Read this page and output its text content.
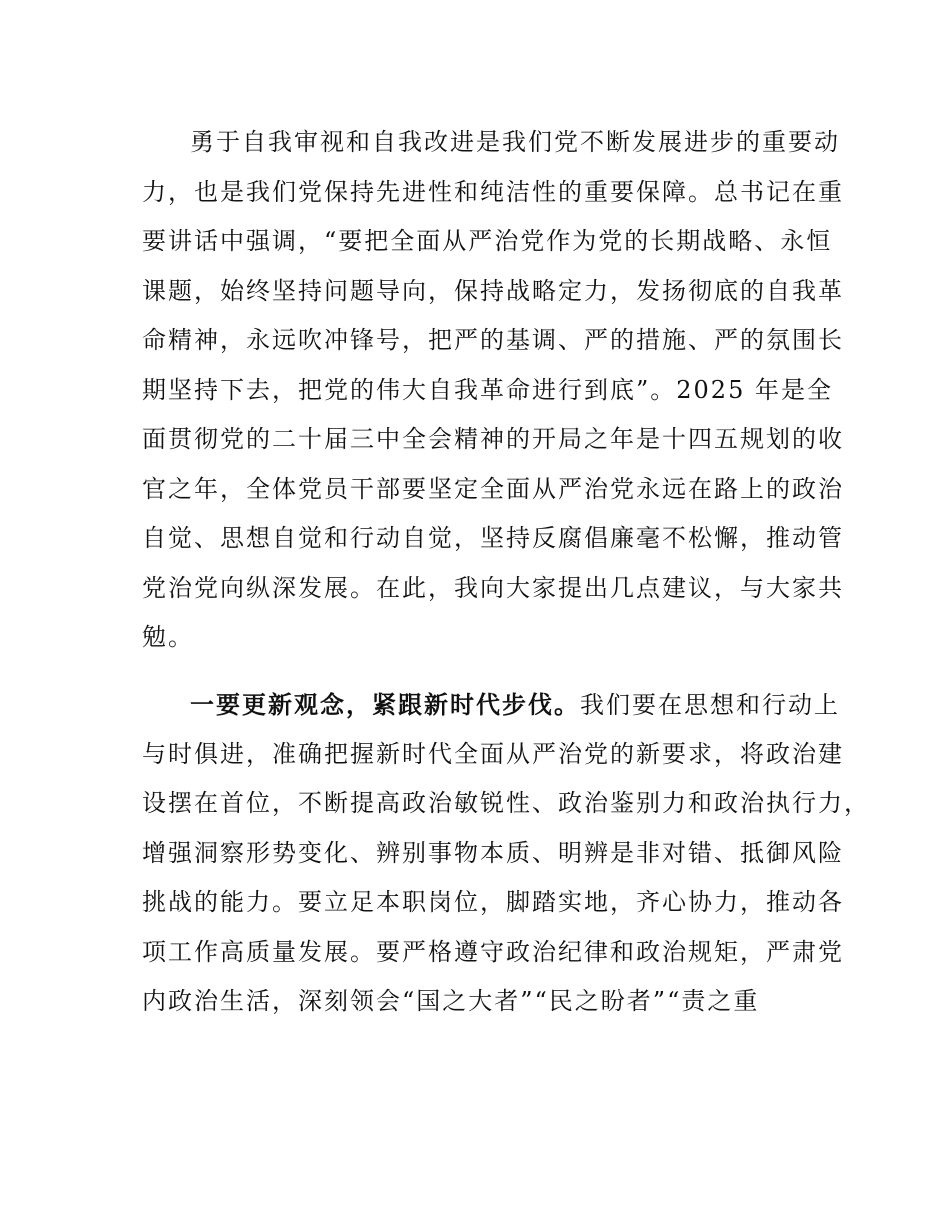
勇于自我审视和自我改进是我们党不断发展进步的重要动
力，也是我们党保持先进性和纯洁性的重要保障。总书记在重
要讲话中强调，“要把全面从严治党作为党的长期战略、永恒
课题，始终坚持问题导向，保持战略定力，发扬彻底的自我革
命精神，永远吹冲锋号，把严的基调、严的措施、严的氛围长
期坚持下去，把党的伟大自我革命进行到底”。2025 年是全
面贯彻党的二十届三中全会精神的开局之年是十四五规划的收
官之年，全体党员干部要坚定全面从严治党永远在路上的政治
自觉、思想自觉和行动自觉，坚持反腐倡廉毫不松懈，推动管
党治党向纵深发展。在此，我向大家提出几点建议，与大家共
勉。
一要更新观念，紧跟新时代步伐。我们要在思想和行动上
与时俱进，准确把握新时代全面从严治党的新要求，将政治建
设摆在首位，不断提高政治敏锐性、政治鉴别力和政治执行力，
增强洞察形势变化、辨别事物本质、明辨是非对错、抵御风险
挑战的能力。要立足本职岗位，脚踏实地，齐心协力，推动各
项工作高质量发展。要严格遵守政治纪律和政治规矩，严肃党
内政治生活，深刻领会“国之大者”“民之盼者”“责之重
